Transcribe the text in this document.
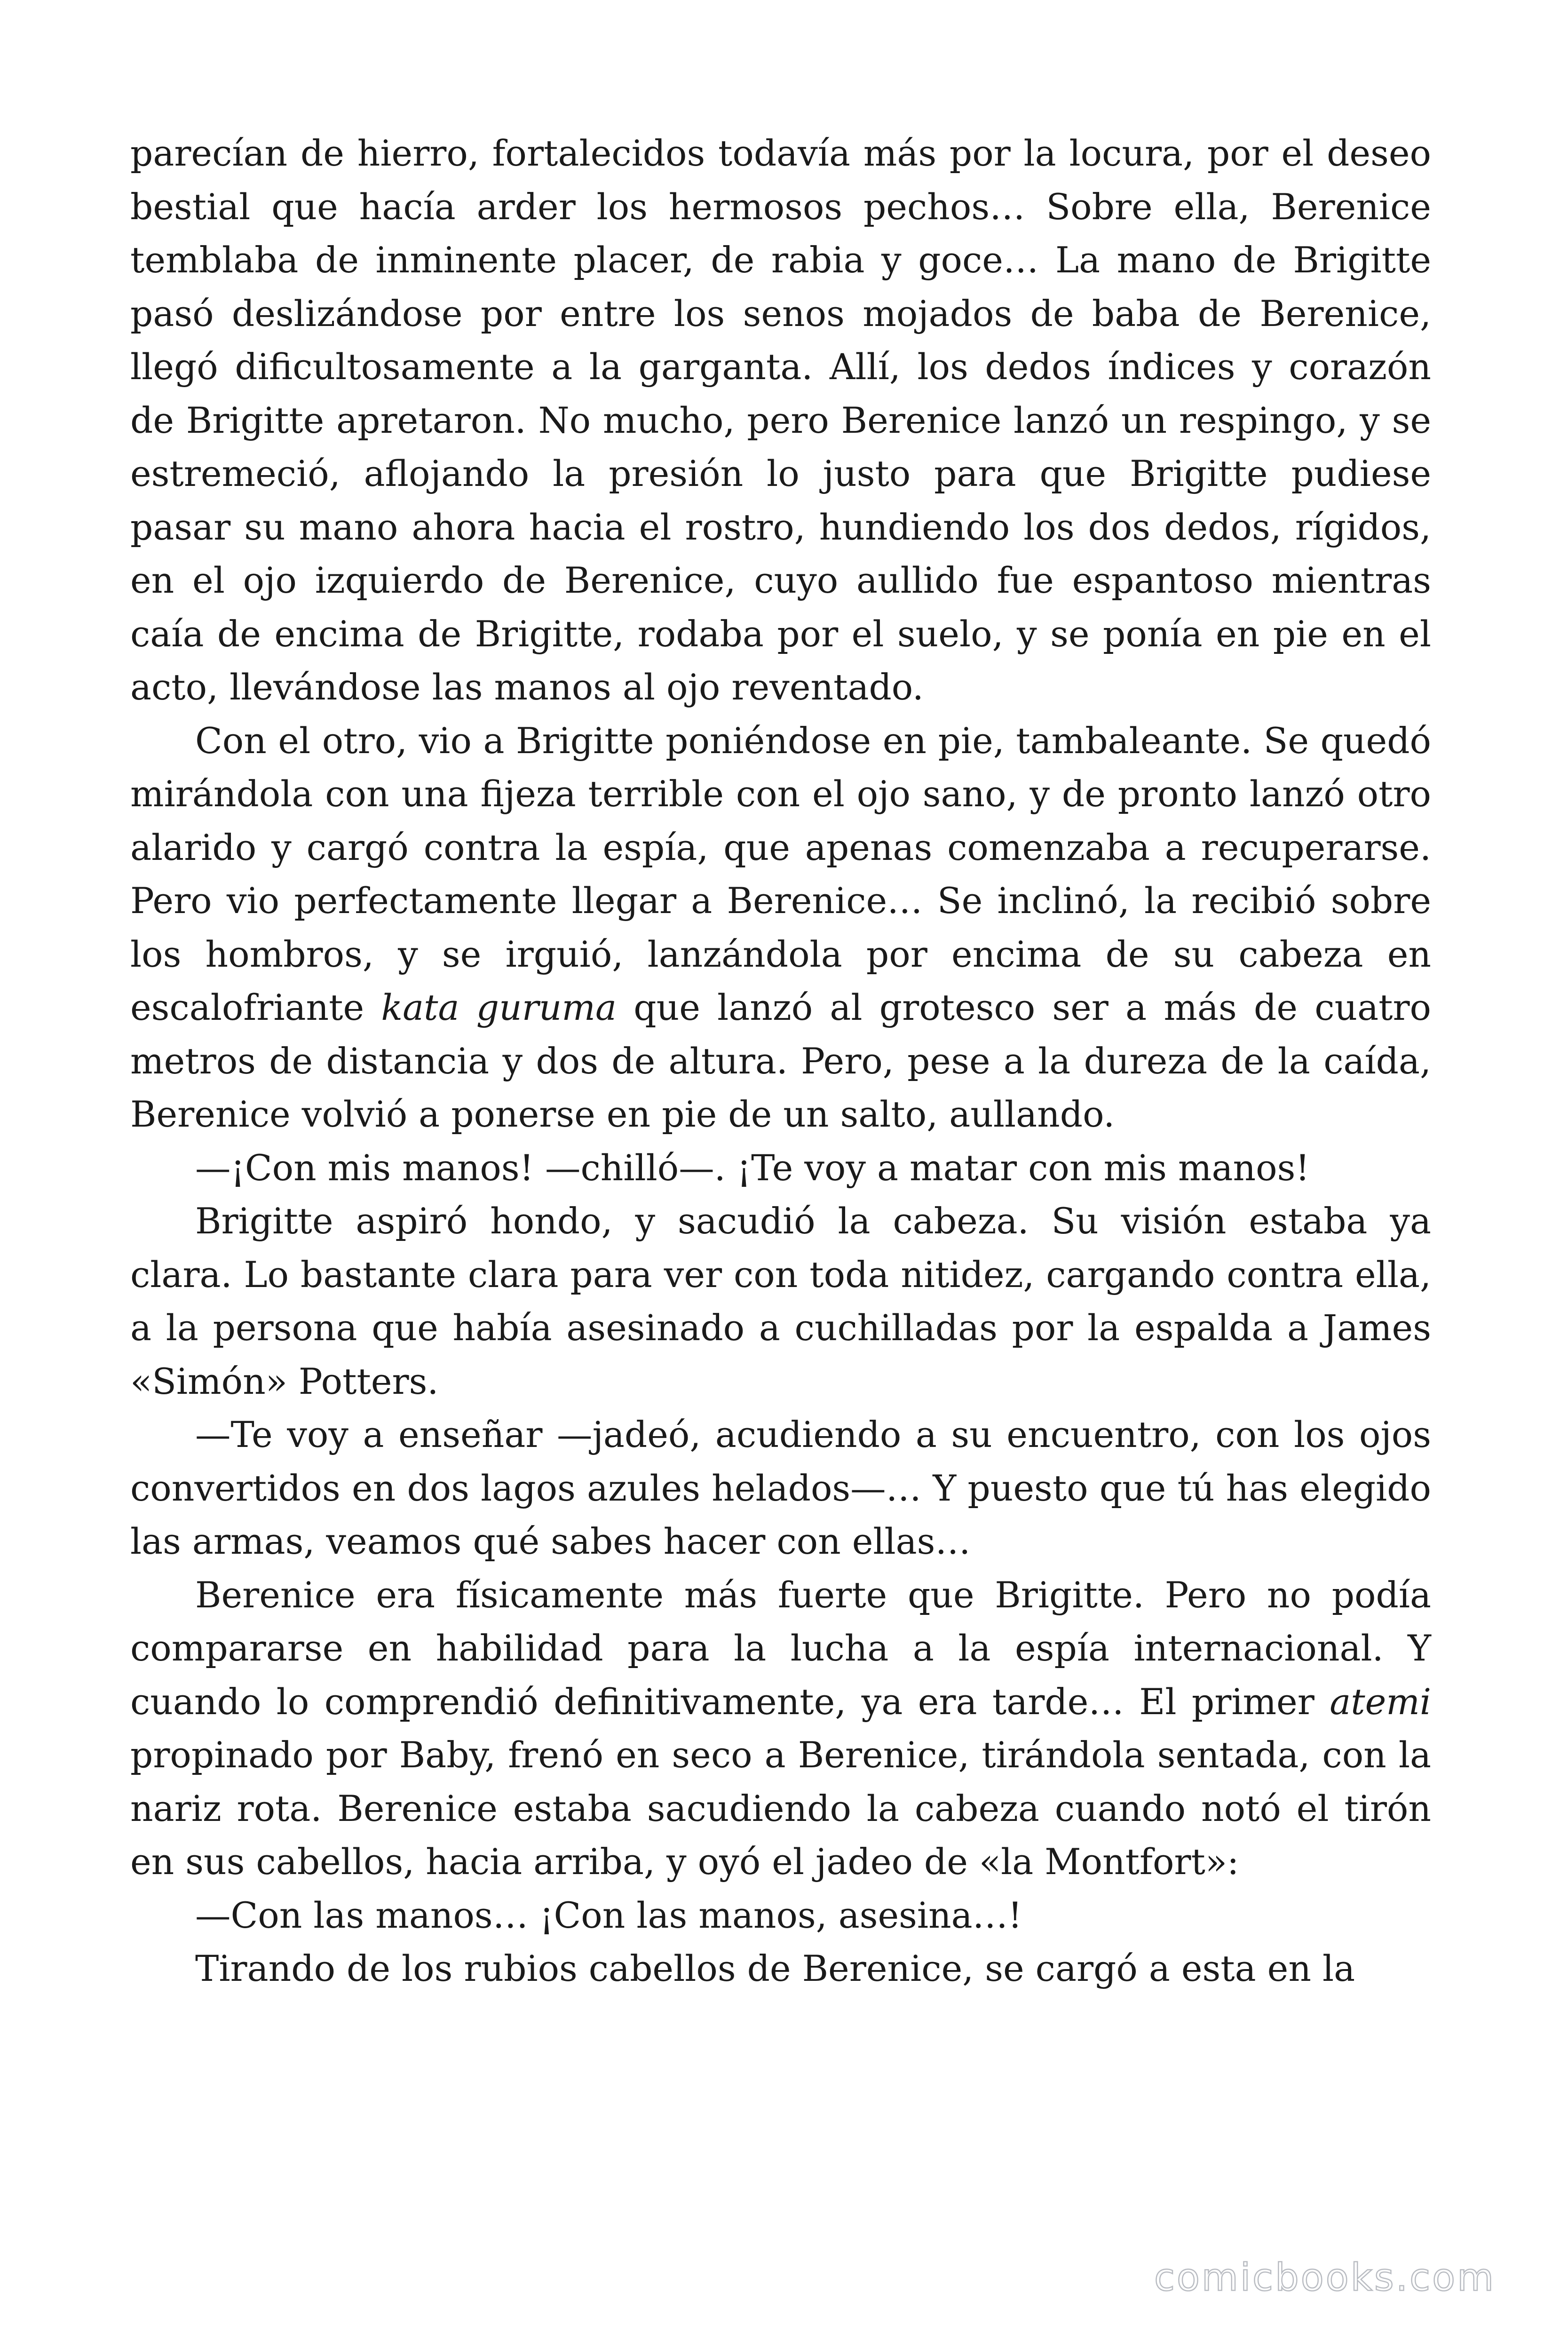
parecían de hierro, fortalecidos todavía más por la locura, por el deseo bestial que hacía arder los hermosos pechos… Sobre ella, Berenice temblaba de inminente placer, de rabia y goce… La mano de Brigitte pasó deslizándose por entre los senos mojados de baba de Berenice, llegó dificultosamente a la garganta. Allí, los dedos índices y corazón de Brigitte apretaron. No mucho, pero Berenice lanzó un respingo, y se estremeció, aflojando la presión lo justo para que Brigitte pudiese pasar su mano ahora hacia el rostro, hundiendo los dos dedos, rígidos, en el ojo izquierdo de Berenice, cuyo aullido fue espantoso mientras caía de encima de Brigitte, rodaba por el suelo, y se ponía en pie en el acto, llevándose las manos al ojo reventado.

Con el otro, vio a Brigitte poniéndose en pie, tambaleante. Se quedó mirándola con una fijeza terrible con el ojo sano, y de pronto lanzó otro alarido y cargó contra la espía, que apenas comenzaba a recuperarse. Pero vio perfectamente llegar a Berenice… Se inclinó, la recibió sobre los hombros, y se irguió, lanzándola por encima de su cabeza en escalofriante kata guruma que lanzó al grotesco ser a más de cuatro metros de distancia y dos de altura. Pero, pese a la dureza de la caída, Berenice volvió a ponerse en pie de un salto, aullando.

—¡Con mis manos! —chilló—. ¡Te voy a matar con mis manos!

Brigitte aspiró hondo, y sacudió la cabeza. Su visión estaba ya clara. Lo bastante clara para ver con toda nitidez, cargando contra ella, a la persona que había asesinado a cuchilladas por la espalda a James «Simón» Potters.

—Te voy a enseñar —jadeó, acudiendo a su encuentro, con los ojos convertidos en dos lagos azules helados—… Y puesto que tú has elegido las armas, veamos qué sabes hacer con ellas…

Berenice era físicamente más fuerte que Brigitte. Pero no podía compararse en habilidad para la lucha a la espía internacional. Y cuando lo comprendió definitivamente, ya era tarde… El primer atemi propinado por Baby, frenó en seco a Berenice, tirándola sentada, con la nariz rota. Berenice estaba sacudiendo la cabeza cuando notó el tirón en sus cabellos, hacia arriba, y oyó el jadeo de «la Montfort»:

—Con las manos… ¡Con las manos, asesina…!

Tirando de los rubios cabellos de Berenice, se cargó a esta en la

comicbooks.com
